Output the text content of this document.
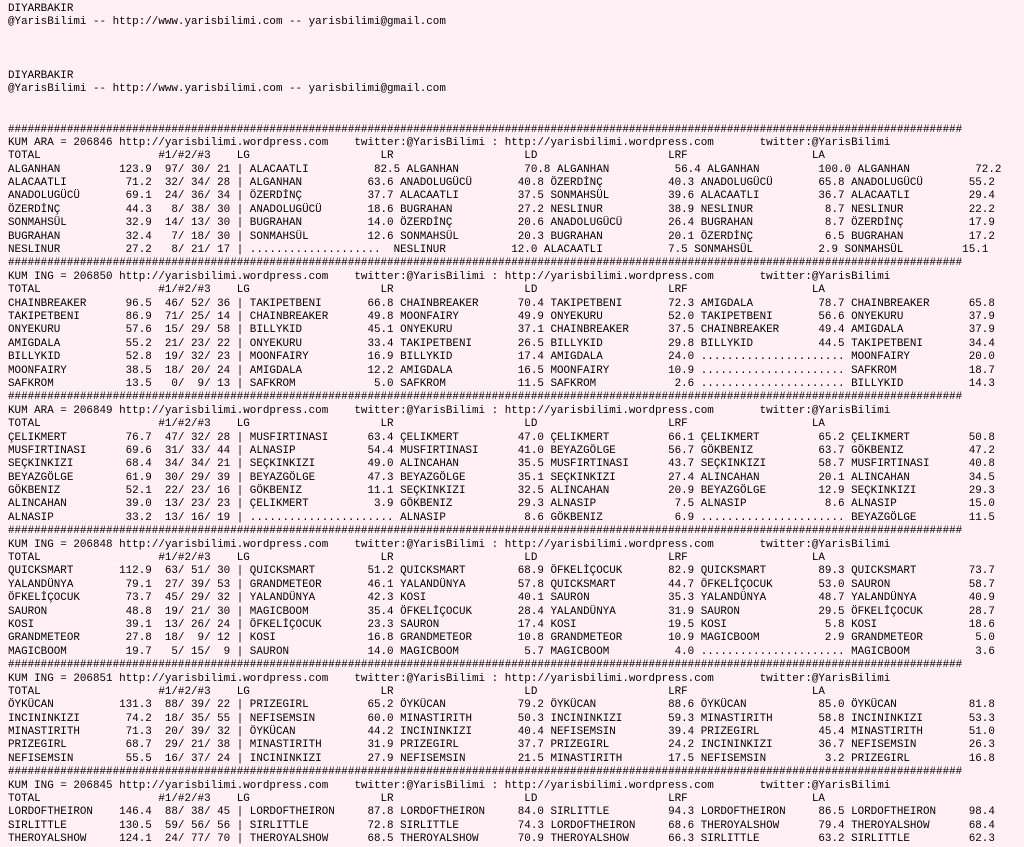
DIYARBAKIR
@YarisBilimi -- http://www.yarisbilimi.com -- yarisbilimi@gmail.com

DIYARBAKIR
@YarisBilimi -- http://www.yarisbilimi.com -- yarisbilimi@gmail.com

##################################################################################################################################################
KUM ARA = 206846 http://yarisbilimi.wordpress.com    twitter:@YarisBilimi : http://yarisbilimi.wordpress.com       twitter:@YarisBilimi
TOTAL                  #1/#2/#3    LG                    LR                    LD                    LRF                   LA
ALGANHAN         123.9  97/ 30/ 21 | ALACAATLI          82.5 ALGANHAN          70.8 ALGANHAN          56.4 ALGANHAN         100.0 ALGANHAN          72.2
ALACAATLI         71.2  32/ 34/ 28 | ALGANHAN          63.6 ANADOLUGÜCÜ       40.8 ÖZERDİNÇ          40.3 ANADOLUGÜCÜ       65.8 ANADOLUGÜCÜ       55.2
ANADOLUGÜCÜ       69.1  24/ 36/ 34 | ÖZERDİNÇ          37.7 ALACAATLI         37.5 SONMAHSÜL         39.6 ALACAATLI         36.7 ALACAATLI         29.4
ÖZERDİNÇ          44.3   8/ 38/ 30 | ANADOLUGÜCÜ       18.6 BUGRAHAN          27.2 NESLINUR          38.9 NESLINUR           8.7 NESLINUR          22.2
SONMAHSÜL         32.9  14/ 13/ 30 | BUGRAHAN          14.0 ÖZERDİNÇ          20.6 ANADOLUGÜCÜ       26.4 BUGRAHAN           8.7 ÖZERDİNÇ          17.9
BUGRAHAN          32.4   7/ 18/ 30 | SONMAHSÜL         12.6 SONMAHSÜL         20.3 BUGRAHAN          20.1 ÖZERDİNÇ           6.5 BUGRAHAN          17.2
NESLINUR          27.2   8/ 21/ 17 | ....................  NESLINUR          12.0 ALACAATLI          7.5 SONMAHSÜL          2.9 SONMAHSÜL         15.1
##################################################################################################################################################
KUM ING = 206850 http://yarisbilimi.wordpress.com    twitter:@YarisBilimi : http://yarisbilimi.wordpress.com       twitter:@YarisBilimi
TOTAL                  #1/#2/#3    LG                    LR                    LD                    LRF                   LA
CHAINBREAKER      96.5  46/ 52/ 36 | TAKIPETBENI       66.8 CHAINBREAKER      70.4 TAKIPETBENI       72.3 AMIGDALA          78.7 CHAINBREAKER      65.8
TAKIPETBENI       86.9  71/ 25/ 14 | CHAINBREAKER      49.8 MOONFAIRY         49.9 ONYEKURU          52.0 TAKIPETBENI       56.6 ONYEKURU          37.9
ONYEKURU          57.6  15/ 29/ 58 | BILLYKID          45.1 ONYEKURU          37.1 CHAINBREAKER      37.5 CHAINBREAKER      49.4 AMIGDALA          37.9
AMIGDALA          55.2  21/ 23/ 22 | ONYEKURU          33.4 TAKIPETBENI       26.5 BILLYKID          29.8 BILLYKID          44.5 TAKIPETBENI       34.4
BILLYKID          52.8  19/ 32/ 23 | MOONFAIRY         16.9 BILLYKID          17.4 AMIGDALA          24.0 ...................... MOONFAIRY         20.0
MOONFAIRY         38.5  18/ 20/ 24 | AMIGDALA          12.2 AMIGDALA          16.5 MOONFAIRY         10.9 ...................... SAFKROM           18.7
SAFKROM           13.5   0/  9/ 13 | SAFKROM            5.0 SAFKROM           11.5 SAFKROM            2.6 ...................... BILLYKID          14.3
##################################################################################################################################################
KUM ARA = 206849 http://yarisbilimi.wordpress.com    twitter:@YarisBilimi : http://yarisbilimi.wordpress.com       twitter:@YarisBilimi
TOTAL                  #1/#2/#3    LG                    LR                    LD                    LRF                   LA
ÇELIKMERT         76.7  47/ 32/ 28 | MUSFIRTINASI      63.4 ÇELIKMERT         47.0 ÇELIKMERT         66.1 ÇELIKMERT         65.2 ÇELIKMERT         50.8
MUSFIRTINASI      69.6  31/ 33/ 44 | ALNASIP           54.4 MUSFIRTINASI      41.0 BEYAZGÖLGE        56.7 GÖKBENIZ          63.7 GÖKBENIZ          47.2
SEÇKINKIZI        68.4  34/ 34/ 21 | SEÇKINKIZI        49.0 ALINCAHAN         35.5 MUSFIRTINASI      43.7 SEÇKINKIZI        58.7 MUSFIRTINASI      40.8
BEYAZGÖLGE        61.9  30/ 29/ 39 | BEYAZGÖLGE        47.3 BEYAZGÖLGE        35.1 SEÇKINKIZI        27.4 ALINCAHAN         20.1 ALINCAHAN         34.5
GÖKBENIZ          52.1  22/ 23/ 16 | GÖKBENIZ          11.1 SEÇKINKIZI        32.5 ALINCAHAN         20.9 BEYAZGÖLGE        12.9 SEÇKINKIZI        29.3
ALINCAHAN         39.0  13/ 23/ 23 | ÇELIKMERT          3.9 GÖKBENIZ          29.3 ALNASIP            7.5 ALNASIP            8.6 ALNASIP           15.0
ALNASIP           33.2  13/ 16/ 19 | ...................... ALNASIP            8.6 GÖKBENIZ           6.9 ...................... BEYAZGÖLGE        11.5
##################################################################################################################################################
KUM ING = 206848 http://yarisbilimi.wordpress.com    twitter:@YarisBilimi : http://yarisbilimi.wordpress.com       twitter:@YarisBilimi
TOTAL                  #1/#2/#3    LG                    LR                    LD                    LRF                   LA
QUICKSMART       112.9  63/ 51/ 30 | QUICKSMART        51.2 QUICKSMART        68.9 ÖFKELİÇOCUK       82.9 QUICKSMART        89.3 QUICKSMART        73.7
YALANDÜNYA        79.1  27/ 39/ 53 | GRANDMETEOR       46.1 YALANDÜNYA        57.8 QUICKSMART        44.7 ÖFKELİÇOCUK       53.0 SAURON            58.7
ÖFKELİÇOCUK       73.7  45/ 29/ 32 | YALANDÜNYA        42.3 KOSI              40.1 SAURON            35.3 YALANDÜNYA        48.7 YALANDÜNYA        40.9
SAURON            48.8  19/ 21/ 30 | MAGICBOOM         35.4 ÖFKELİÇOCUK       28.4 YALANDÜNYA        31.9 SAURON            29.5 ÖFKELİÇOCUK       28.7
KOSI              39.1  13/ 26/ 24 | ÖFKELİÇOCUK       23.3 SAURON            17.4 KOSI              19.5 KOSI               5.8 KOSI              18.6
GRANDMETEOR       27.8  18/  9/ 12 | KOSI              16.8 GRANDMETEOR       10.8 GRANDMETEOR       10.9 MAGICBOOM          2.9 GRANDMETEOR        5.0
MAGICBOOM         19.7   5/ 15/  9 | SAURON            14.0 MAGICBOOM          5.7 MAGICBOOM          4.0 ...................... MAGICBOOM          3.6
##################################################################################################################################################
KUM ING = 206851 http://yarisbilimi.wordpress.com    twitter:@YarisBilimi : http://yarisbilimi.wordpress.com       twitter:@YarisBilimi
TOTAL                  #1/#2/#3    LG                    LR                    LD                    LRF                   LA
ÖYKÜCAN          131.3  88/ 39/ 22 | PRIZEGIRL         65.2 ÖYKÜCAN           79.2 ÖYKÜCAN           88.6 ÖYKÜCAN           85.0 ÖYKÜCAN           81.8
INCININKIZI       74.2  18/ 35/ 55 | NEFISEMSIN        60.0 MINASTIRITH       50.3 INCININKIZI       59.3 MINASTIRITH       58.8 INCININKIZI       53.3
MINASTIRITH       71.3  20/ 39/ 32 | ÖYKÜCAN           44.2 INCININKIZI       40.4 NEFISEMSIN        39.4 PRIZEGIRL         45.4 MINASTIRITH       51.0
PRIZEGIRL         68.7  29/ 21/ 38 | MINASTIRITH       31.9 PRIZEGIRL         37.7 PRIZEGIRL         24.2 INCININKIZI       36.7 NEFISEMSIN        26.3
NEFISEMSIN        55.5  16/ 37/ 24 | INCININKIZI       27.9 NEFISEMSIN        21.5 MINASTIRITH       17.5 NEFISEMSIN         3.2 PRIZEGIRL         16.8
##################################################################################################################################################
KUM ING = 206845 http://yarisbilimi.wordpress.com    twitter:@YarisBilimi : http://yarisbilimi.wordpress.com       twitter:@YarisBilimi
TOTAL                  #1/#2/#3    LG                    LR                    LD                    LRF                   LA
LORDOFTHEIRON    146.4  88/ 38/ 45 | LORDOFTHEIRON     87.8 LORDOFTHEIRON     84.0 SIRLITTLE         94.3 LORDOFTHEIRON     86.5 LORDOFTHEIRON     98.4
SIRLITTLE        130.5  59/ 56/ 56 | SIRLITTLE         72.8 SIRLITTLE         74.3 LORDOFTHEIRON     68.6 THEROYALSHOW      79.4 THEROYALSHOW      68.4
THEROYALSHOW     124.1  24/ 77/ 70 | THEROYALSHOW      68.5 THEROYALSHOW      70.9 THEROYALSHOW      66.3 SIRLITTLE         63.2 SIRLITTLE         62.3
